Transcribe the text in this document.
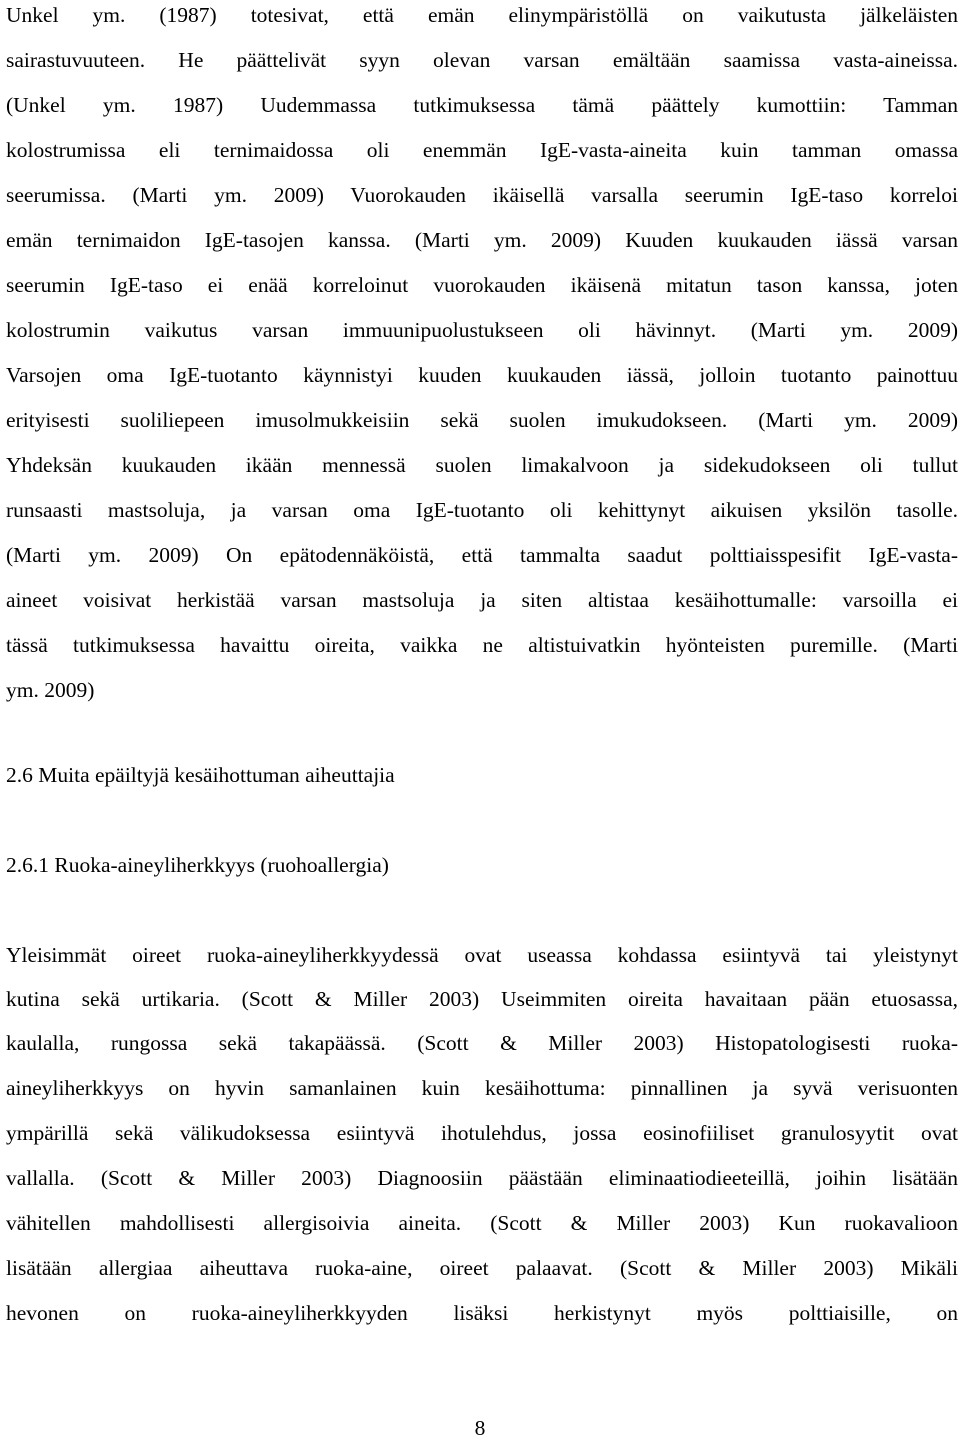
Unkel ym. (1987) totesivat, että emän elinympäristöllä on vaikutusta jälkeläisten
sairastuvuuteen. He päättelivät syyn olevan varsan emältään saamissa vasta-aineissa.
(Unkel ym. 1987) Uudemmassa tutkimuksessa tämä päättely kumottiin: Tamman
kolostrumissa eli ternimaidossa oli enemmän IgE-vasta-aineita kuin tamman omassa
seerumissa. (Marti ym. 2009) Vuorokauden ikäisellä varsalla seerumin IgE-taso korreloi
emän ternimaidon IgE-tasojen kanssa. (Marti ym. 2009) Kuuden kuukauden iässä varsan
seerumin IgE-taso ei enää korreloinut vuorokauden ikäisenä mitatun tason kanssa, joten
kolostrumin vaikutus varsan immuunipuolustukseen oli hävinnyt. (Marti ym. 2009)
Varsojen oma IgE-tuotanto käynnistyi kuuden kuukauden iässä, jolloin tuotanto painottuu
erityisesti suoliliepeen imusolmukkeisiin sekä suolen imukudokseen. (Marti ym. 2009)
Yhdeksän kuukauden ikään mennessä suolen limakalvoon ja sidekudokseen oli tullut
runsaasti mastsoluja, ja varsan oma IgE-tuotanto oli kehittynyt aikuisen yksilön tasolle.
(Marti ym. 2009) On epätodennäköistä, että tammalta saadut polttiaisspesifit IgE-vasta-
aineet voisivat herkistää varsan mastsoluja ja siten altistaa kesäihottumalle: varsoilla ei
tässä tutkimuksessa havaittu oireita, vaikka ne altistuivatkin hyönteisten puremille. (Marti
ym. 2009)
2.6 Muita epäiltyjä kesäihottuman aiheuttajia
2.6.1 Ruoka-aineyliherkkyys (ruohoallergia)
Yleisimmät oireet ruoka-aineyliherkkyydessä ovat useassa kohdassa esiintyvä tai yleistynyt
kutina sekä urtikaria. (Scott & Miller 2003) Useimmiten oireita havaitaan pään etuosassa,
kaulalla, rungossa sekä takapäässä. (Scott & Miller 2003) Histopatologisesti ruoka-
aineyliherkkyys on hyvin samanlainen kuin kesäihottuma: pinnallinen ja syvä verisuonten
ympärillä sekä välikudoksessa esiintyvä ihotulehdus, jossa eosinofiiliset granulosyytit ovat
vallalla. (Scott & Miller 2003) Diagnoosiin päästään eliminaatiodieeteillä, joihin lisätään
vähitellen mahdollisesti allergisoivia aineita. (Scott & Miller 2003) Kun ruokavalioon
lisätään allergiaa aiheuttava ruoka-aine, oireet palaavat. (Scott & Miller 2003) Mikäli
hevonen on ruoka-aineyliherkkyyden lisäksi herkistynyt myös polttiaisille, on
8
